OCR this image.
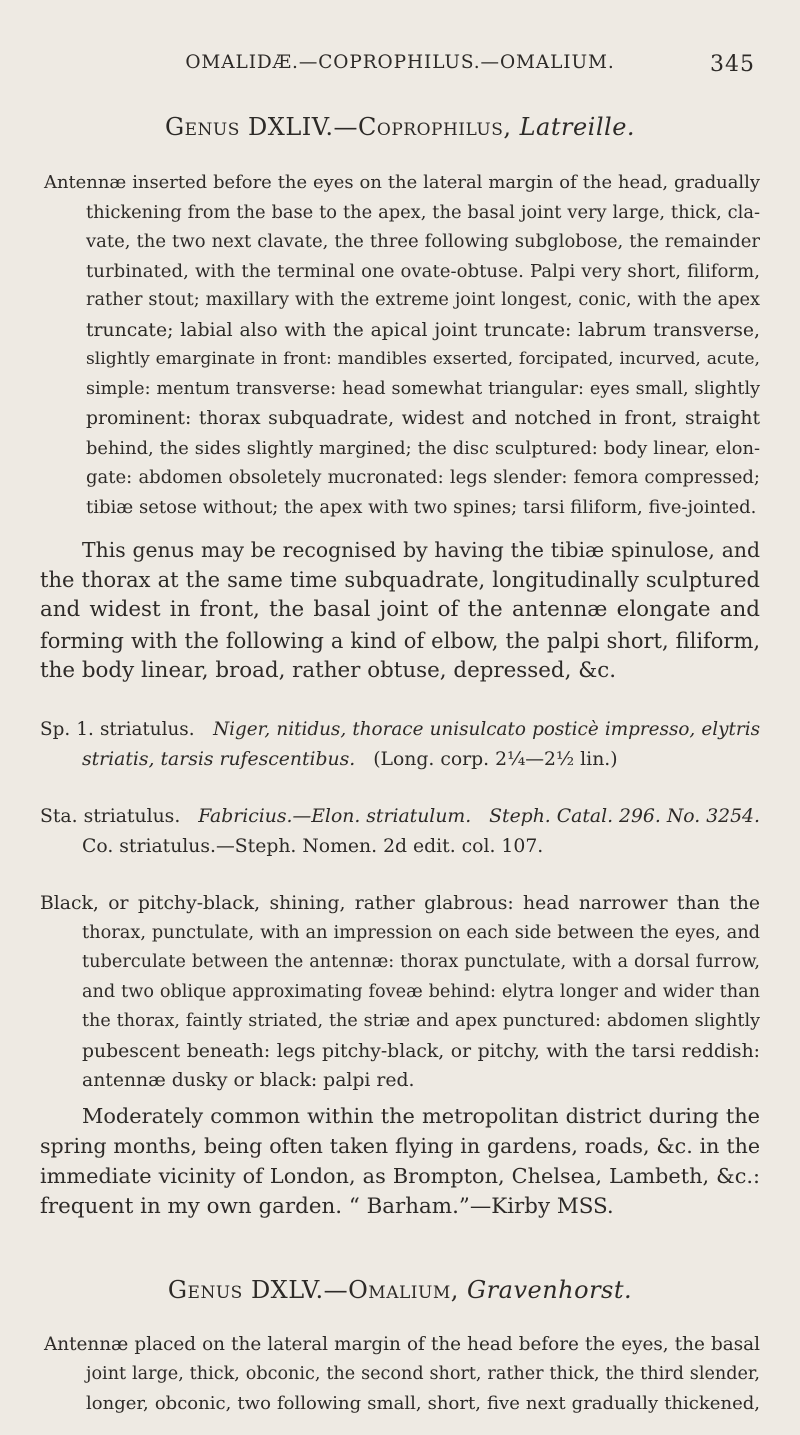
OMALIDÆ.—COPROPHILUS.—OMALIUM.	345
Genus DXLIV.—Coprophilus, Latreille.
Antennæ inserted before the eyes on the lateral margin of the head, gradually
thickening from the base to the apex, the basal joint very large, thick, cla-
vate, the two next clavate, the three following subglobose, the remainder
turbinated, with the terminal one ovate-obtuse. Palpi very short, filiform,
rather stout; maxillary with the extreme joint longest, conic, with the apex
truncate; labial also with the apical joint truncate: labrum transverse,
slightly emarginate in front: mandibles exserted, forcipated, incurved, acute,
simple: mentum transverse: head somewhat triangular: eyes small, slightly
prominent: thorax subquadrate, widest and notched in front, straight
behind, the sides slightly margined; the disc sculptured: body linear, elon-
gate: abdomen obsoletely mucronated: legs slender: femora compressed;
tibiæ setose without; the apex with two spines; tarsi filiform, five-jointed.
This genus may be recognised by having the tibiæ spinulose, and
the thorax at the same time subquadrate, longitudinally sculptured
and widest in front, the basal joint of the antennæ elongate and
forming with the following a kind of elbow, the palpi short, filiform,
the body linear, broad, rather obtuse, depressed, &c.
Sp. 1. striatulus. Niger, nitidus, thorace unisulcato posticè impresso, elytris
striatis, tarsis rufescentibus. (Long. corp. 2¼—2½ lin.)
Sta. striatulus. Fabricius.—Elon. striatulum. Steph. Catal. 296. No. 3254.
Co. striatulus.—Steph. Nomen. 2d edit. col. 107.
Black, or pitchy-black, shining, rather glabrous: head narrower than the
thorax, punctulate, with an impression on each side between the eyes, and
tuberculate between the antennæ: thorax punctulate, with a dorsal furrow,
and two oblique approximating foveæ behind: elytra longer and wider than
the thorax, faintly striated, the striæ and apex punctured: abdomen slightly
pubescent beneath: legs pitchy-black, or pitchy, with the tarsi reddish:
antennæ dusky or black: palpi red.
Moderately common within the metropolitan district during the
spring months, being often taken flying in gardens, roads, &c. in the
immediate vicinity of London, as Brompton, Chelsea, Lambeth, &c.:
frequent in my own garden. “ Barham.”—Kirby MSS.
Genus DXLV.—Omalium, Gravenhorst.
Antennæ placed on the lateral margin of the head before the eyes, the basal
joint large, thick, obconic, the second short, rather thick, the third slender,
longer, obconic, two following small, short, five next gradually thickened,
